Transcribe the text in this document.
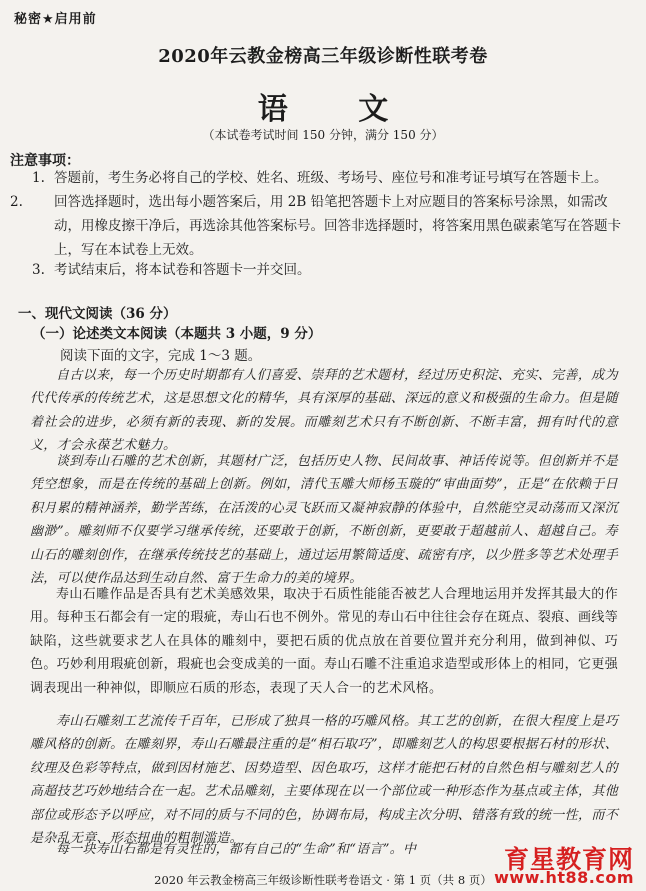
秘密★启用前
2020年云教金榜高三年级诊断性联考卷
语 文
（本试卷考试时间 150 分钟，满分 150 分）
注意事项：
1. 答题前，考生务必将自己的学校、姓名、班级、考场号、座位号和准考证号填写在答题卡上。
2. 回答选择题时，选出每小题答案后，用 2B 铅笔把答题卡上对应题目的答案标号涂黑，如需改动，用橡皮擦干净后，再选涂其他答案标号。回答非选择题时，将答案用黑色碳素笔写在答题卡上，写在本试卷上无效。
3. 考试结束后，将本试卷和答题卡一并交回。
一、现代文阅读（36 分）
（一）论述类文本阅读（本题共 3 小题，9 分）
阅读下面的文字，完成 1～3 题。

自古以来，每一个历史时期都有人们喜爱、崇拜的艺术题材，经过历史积淀、充实、完善，成为代代传承的传统艺术，这是思想文化的精华，具有深厚的基础、深远的意义和极强的生命力。但是随着社会的进步，必须有新的表现、新的发展。而雕刻艺术只有不断创新、不断丰富，拥有时代的意义，才会永葆艺术魅力。

谈到寿山石雕的艺术创新，其题材广泛，包括历史人物、民间故事、神话传说等。但创新并不是凭空想象，而是在传统的基础上创新。例如，清代玉雕大师杨玉璇的“审曲面势”，正是“在依赖于日积月累的精神涵养，勤学苦练，在活泼的心灵飞跃而又凝神寂静的体验中，自然能空灵动荡而又深沉幽渺”。雕刻师不仅要学习继承传统，还要敢于创新，不断创新，更要敢于超越前人、超越自己。寿山石的雕刻创作，在继承传统技艺的基础上，通过运用繁简适度、疏密有序，以少胜多等艺术处理手法，可以使作品达到生动自然、富于生命力的美的境界。

寿山石雕作品是否具有艺术美感效果，取决于石质性能能否被艺人合理地运用并发挥其最大的作用。每种玉石都会有一定的瑕疵，寿山石也不例外。常见的寿山石中往往会存在斑点、裂痕、画线等缺陷，这些就要求艺人在具体的雕刻中，要把石质的优点放在首要位置并充分利用，做到神似、巧色。巧妙利用瑕疵创新，瑕疵也会变成美的一面。寿山石雕不注重追求造型或形体上的相同，它更强调表现出一种神似，即顺应石质的形态，表现了天人合一的艺术风格。

寿山石雕刻工艺流传千百年，已形成了独具一格的巧雕风格。其工艺的创新，在很大程度上是巧雕风格的创新。在雕刻界，寿山石雕最注重的是“相石取巧”，即雕刻艺人的构思要根据石材的形状、纹理及色彩等特点，做到因材施艺、因势造型、因色取巧，这样才能把石材的自然色相与雕刻艺人的高超技艺巧妙地结合在一起。艺术品雕刻，主要体现在以一个部位或一种形态作为基点或主体，其他部位或形态予以呼应，对不同的质与不同的色，协调布局，构成主次分明、错落有致的统一性，而不是杂乱无章、形态扭曲的粗制滥造。

每一块寿山石都是有灵性的，都有自己的“生命”和“语言”。中	育星教育网
www.ht88.com
2020 年云教金榜高三年级诊断性联考卷语文 · 第 1 页（共 8 页）
